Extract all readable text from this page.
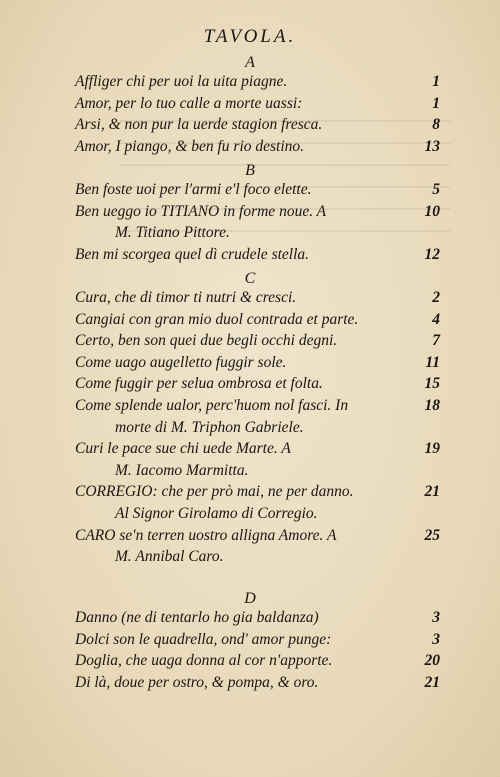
TAVOLA.
A
Affliger chi per uoi la uita piagne.	1
Amor, per lo tuo calle a morte uassi:	1
Arsi, & non pur la uerde stagion fresca.	8
Amor, I piango, & ben fu rio destino.	13
B
Ben foste uoi per l'armi e'l foco elette.	5
Ben ueggo io TITIANO in forme noue. A	10
M. Titiano Pittore.
Ben mi scorgea quel dì crudele stella.	12
C
Cura, che di timor ti nutri & cresci.	2
Cangiai con gran mio duol contrada et parte.	4
Certo, ben son quei due begli occhi degni.	7
Come uago augelletto fuggir sole.	11
Come fuggir per selua ombrosa et folta.	15
Come splende ualor, perc'huom nol fasci. In	18
morte di M. Triphon Gabriele.
Curi le pace sue chi uede Marte. A	19
M. Iacomo Marmitta.
CORREGIO: che per prò mai, ne per danno.	21
Al Signor Girolamo di Corregio.
CARO se'n terren uostro alligna Amore. A	25
M. Annibal Caro.
D
Danno (ne di tentarlo ho gia baldanza)	3
Dolci son le quadrella, ond' amor punge:	3
Doglia, che uaga donna al cor n'apporte.	20
Di là, doue per ostro, & pompa, & oro.	21
